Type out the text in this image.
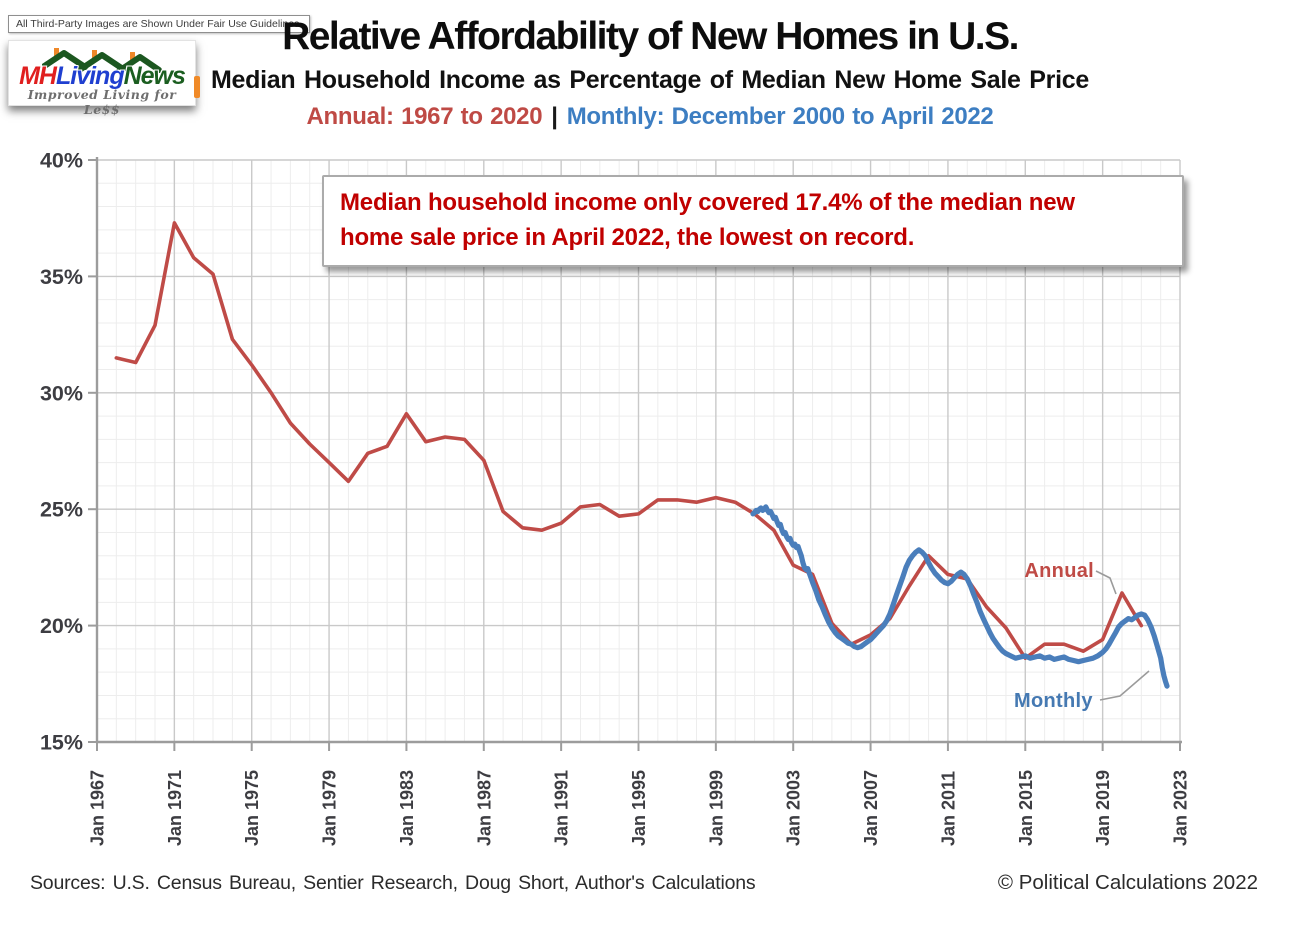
All Third-Party Images are Shown Under Fair Use Guidelines.
MHLivingNews
Improved Living for Le$$
Relative Affordability of New Homes in U.S.
Median Household Income as Percentage of Median New Home Sale Price
Annual: 1967 to 2020 | Monthly: December 2000 to April 2022
40%
35%
30%
25%
20%
15%
Jan 1967	Jan 1971	Jan 1975	Jan 1979	Jan 1983	Jan 1987	Jan 1991	Jan 1995	Jan 1999	Jan 2003	Jan 2007	Jan 2011	Jan 2015	Jan 2019	Jan 2023
Median household income only covered 17.4% of the median new
home sale price in April 2022, the lowest on record.
Annual
Monthly
Sources: U.S. Census Bureau, Sentier Research, Doug Short, Author's Calculations	© Political Calculations 2022
